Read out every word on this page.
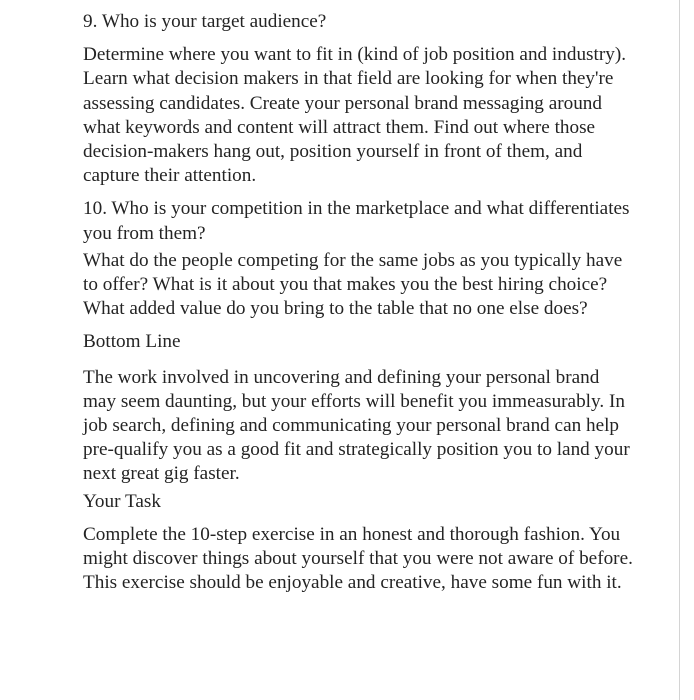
9. Who is your target audience?

Determine where you want to fit in (kind of job position and industry). Learn what decision makers in that field are looking for when they're assessing candidates. Create your personal brand messaging around what keywords and content will attract them. Find out where those decision-makers hang out, position yourself in front of them, and capture their attention.

10. Who is your competition in the marketplace and what differentiates you from them?

What do the people competing for the same jobs as you typically have to offer? What is it about you that makes you the best hiring choice? What added value do you bring to the table that no one else does?

Bottom Line

The work involved in uncovering and defining your personal brand may seem daunting, but your efforts will benefit you immeasurably. In job search, defining and communicating your personal brand can help pre-qualify you as a good fit and strategically position you to land your next great gig faster.

Your Task

Complete the 10-step exercise in an honest and thorough fashion. You might discover things about yourself that you were not aware of before. This exercise should be enjoyable and creative, have some fun with it.
